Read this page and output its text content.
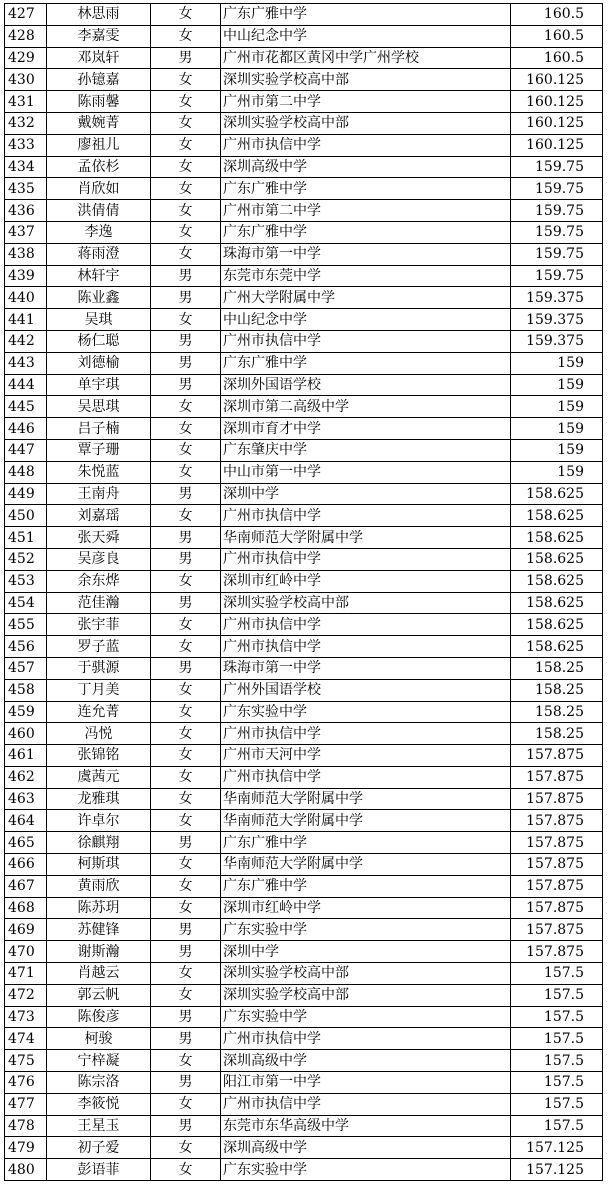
427	林思雨	女	广东广雅中学	160.5
428	李嘉雯	女	中山纪念中学	160.5
429	邓岚轩	男	广州市花都区黄冈中学广州学校	160.5
430	孙镱嘉	女	深圳实验学校高中部	160.125
431	陈雨馨	女	广州市第二中学	160.125
432	戴婉菁	女	深圳实验学校高中部	160.125
433	廖祖儿	女	广州市执信中学	160.125
434	孟依杉	女	深圳高级中学	159.75
435	肖欣如	女	广东广雅中学	159.75
436	洪倩倩	女	广州市第二中学	159.75
437	李逸	女	广东广雅中学	159.75
438	蒋雨澄	女	珠海市第一中学	159.75
439	林轩宇	男	东莞市东莞中学	159.75
440	陈业鑫	男	广州大学附属中学	159.375
441	吴琪	女	中山纪念中学	159.375
442	杨仁聪	男	广州市执信中学	159.375
443	刘德榆	男	广东广雅中学	159
444	单宇琪	男	深圳外国语学校	159
445	吴思琪	女	深圳市第二高级中学	159
446	吕子楠	女	深圳市育才中学	159
447	覃子珊	女	广东肇庆中学	159
448	朱悦蓝	女	中山市第一中学	159
449	王南舟	男	深圳中学	158.625
450	刘嘉瑶	女	广州市执信中学	158.625
451	张天舜	男	华南师范大学附属中学	158.625
452	吴彦良	男	广州市执信中学	158.625
453	余东烨	女	深圳市红岭中学	158.625
454	范佳瀚	男	深圳实验学校高中部	158.625
455	张宇菲	女	广州市执信中学	158.625
456	罗子蓝	女	广州市执信中学	158.625
457	于骐源	男	珠海市第一中学	158.25
458	丁月美	女	广州外国语学校	158.25
459	连允菁	女	广东实验中学	158.25
460	冯悦	女	广州市执信中学	158.25
461	张锦铭	女	广州市天河中学	157.875
462	虞茜元	女	广州市执信中学	157.875
463	龙雅琪	女	华南师范大学附属中学	157.875
464	许卓尔	女	华南师范大学附属中学	157.875
465	徐麒翔	男	广东广雅中学	157.875
466	柯斯琪	女	华南师范大学附属中学	157.875
467	黄雨欣	女	广东广雅中学	157.875
468	陈苏玥	女	深圳市红岭中学	157.875
469	苏健锋	男	广东实验中学	157.875
470	谢斯瀚	男	深圳中学	157.875
471	肖越云	女	深圳实验学校高中部	157.5
472	郭云帆	女	深圳实验学校高中部	157.5
473	陈俊彦	男	广东实验中学	157.5
474	柯骏	男	广州市执信中学	157.5
475	宁梓凝	女	深圳高级中学	157.5
476	陈宗洛	男	阳江市第一中学	157.5
477	李筱悦	女	广州市执信中学	157.5
478	王星玉	男	东莞市东华高级中学	157.5
479	初子爱	女	深圳高级中学	157.125
480	彭语菲	女	广东实验中学	157.125
